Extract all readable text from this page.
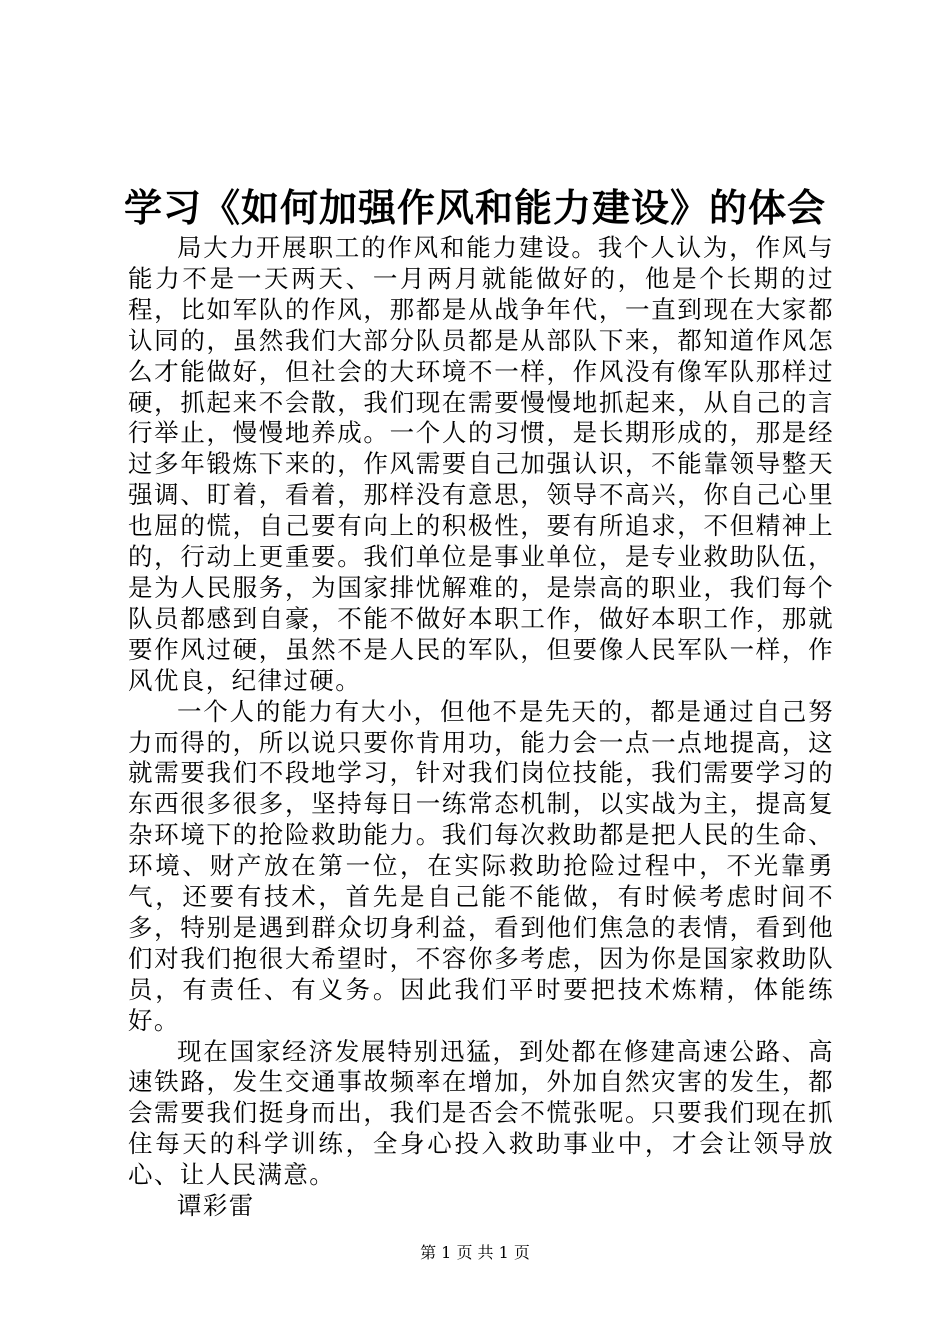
学习《如何加强作风和能力建设》的体会

局大力开展职工的作风和能力建设。我个人认为，作风与能力不是一天两天、一月两月就能做好的，他是个长期的过程，比如军队的作风，那都是从战争年代，一直到现在大家都认同的，虽然我们大部分队员都是从部队下来，都知道作风怎么才能做好，但社会的大环境不一样，作风没有像军队那样过硬，抓起来不会散，我们现在需要慢慢地抓起来，从自己的言行举止，慢慢地养成。一个人的习惯，是长期形成的，那是经过多年锻炼下来的，作风需要自己加强认识，不能靠领导整天强调、盯着，看着，那样没有意思，领导不高兴，你自己心里也屈的慌，自己要有向上的积极性，要有所追求，不但精神上的，行动上更重要。我们单位是事业单位，是专业救助队伍，是为人民服务，为国家排忧解难的，是崇高的职业，我们每个队员都感到自豪，不能不做好本职工作，做好本职工作，那就要作风过硬，虽然不是人民的军队，但要像人民军队一样，作风优良，纪律过硬。

一个人的能力有大小，但他不是先天的，都是通过自己努力而得的，所以说只要你肯用功，能力会一点一点地提高，这就需要我们不段地学习，针对我们岗位技能，我们需要学习的东西很多很多，坚持每日一练常态机制，以实战为主，提高复杂环境下的抢险救助能力。我们每次救助都是把人民的生命、环境、财产放在第一位，在实际救助抢险过程中，不光靠勇气，还要有技术，首先是自己能不能做，有时候考虑时间不多，特别是遇到群众切身利益，看到他们焦急的表情，看到他们对我们抱很大希望时，不容你多考虑，因为你是国家救助队员，有责任、有义务。因此我们平时要把技术炼精，体能练好。

现在国家经济发展特别迅猛，到处都在修建高速公路、高速铁路，发生交通事故频率在增加，外加自然灾害的发生，都会需要我们挺身而出，我们是否会不慌张呢。只要我们现在抓住每天的科学训练，全身心投入救助事业中，才会让领导放心、让人民满意。

谭彩雷

第 1 页 共 1 页
